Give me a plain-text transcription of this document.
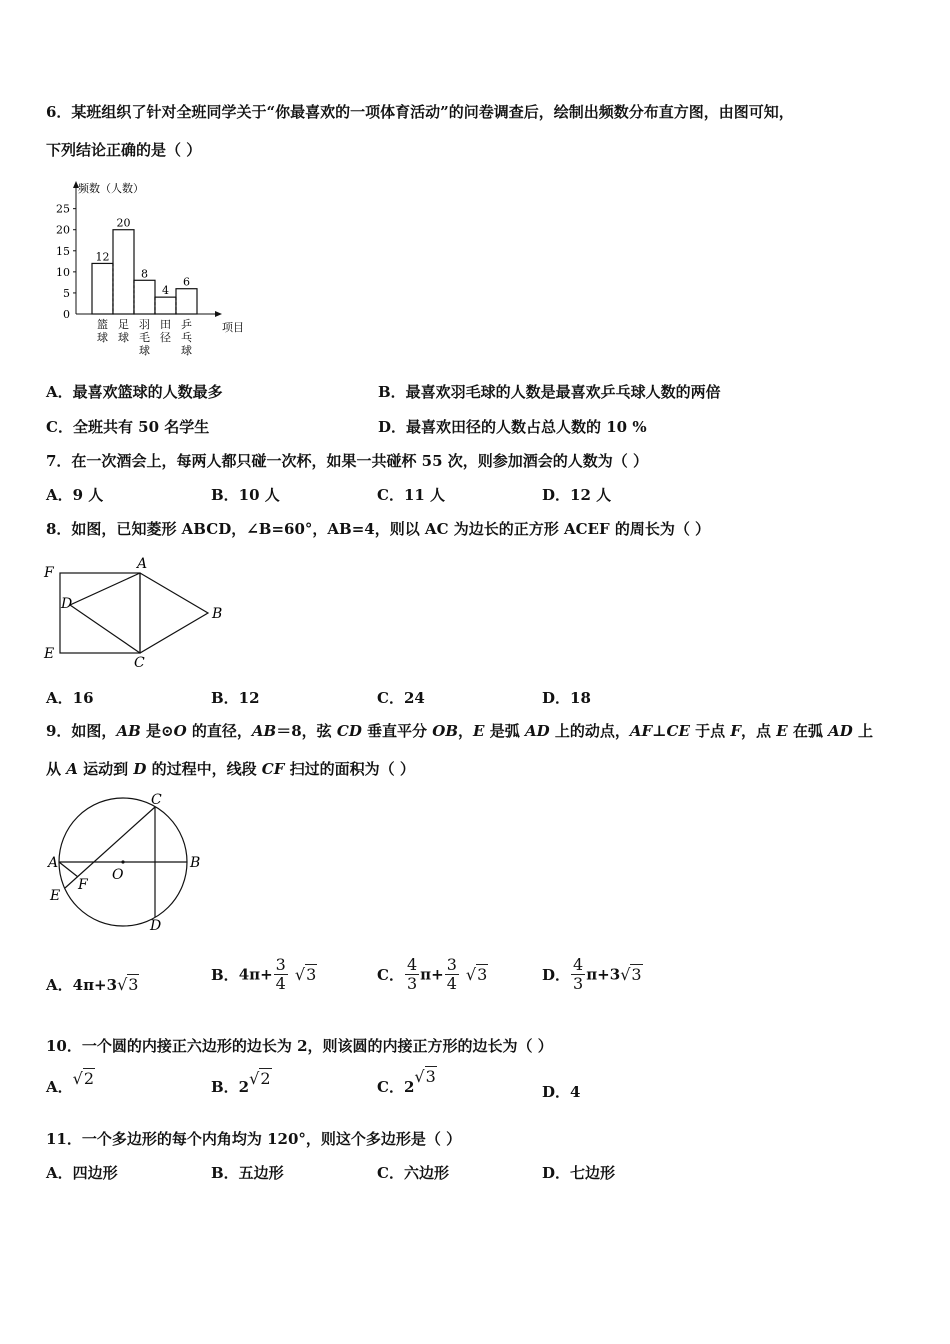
6．某班组织了针对全班同学关于“你最喜欢的一项体育活动”的问卷调查后，绘制出频数分布直方图，由图可知，
下列结论正确的是（ ）
0
5
10
15
20
25
12
篮
球
20
足
球
8
羽
毛
球
4
田
径
6
乒
乓
球
频数（人数）
项目
A．最喜欢篮球的人数最多	B．最喜欢羽毛球的人数是最喜欢乒乓球人数的两倍
C．全班共有 50 名学生	D．最喜欢田径的人数占总人数的 10 %
7．在一次酒会上，每两人都只碰一次杯，如果一共碰杯 55 次，则参加酒会的人数为（ ）
A．9 人	B．10 人	C．11 人	D．12 人
8．如图，已知菱形 ABCD，∠B=60°，AB=4，则以 AC 为边长的正方形 ACEF 的周长为（ ）
F
A
D
B
E
C
A．16	B．12	C．24	D．18
9．如图，AB 是⊙O 的直径，AB＝8，弦 CD 垂直平分 OB，E 是弧 AD 上的动点，AF⊥CE 于点 F，点 E 在弧 AD 上
从 A 运动到 D 的过程中，线段 CF 扫过的面积为（ ）
C
A
O
B
F
E
D
A．4π+3√3	B．$4\pi+ \frac{3}{4} √3$	C． $\frac{4}{3} \pi+ \frac{3}{4} √3$	D． $\frac{4}{3} \pi+3√3$
10．一个圆的内接正六边形的边长为 2，则该圆的内接正方形的边长为（ ）
A．√2	B．2√2	C．2√3
D．4
11．一个多边形的每个内角均为 120°，则这个多边形是（ ）
A．四边形	B．五边形	C．六边形	D．七边形
